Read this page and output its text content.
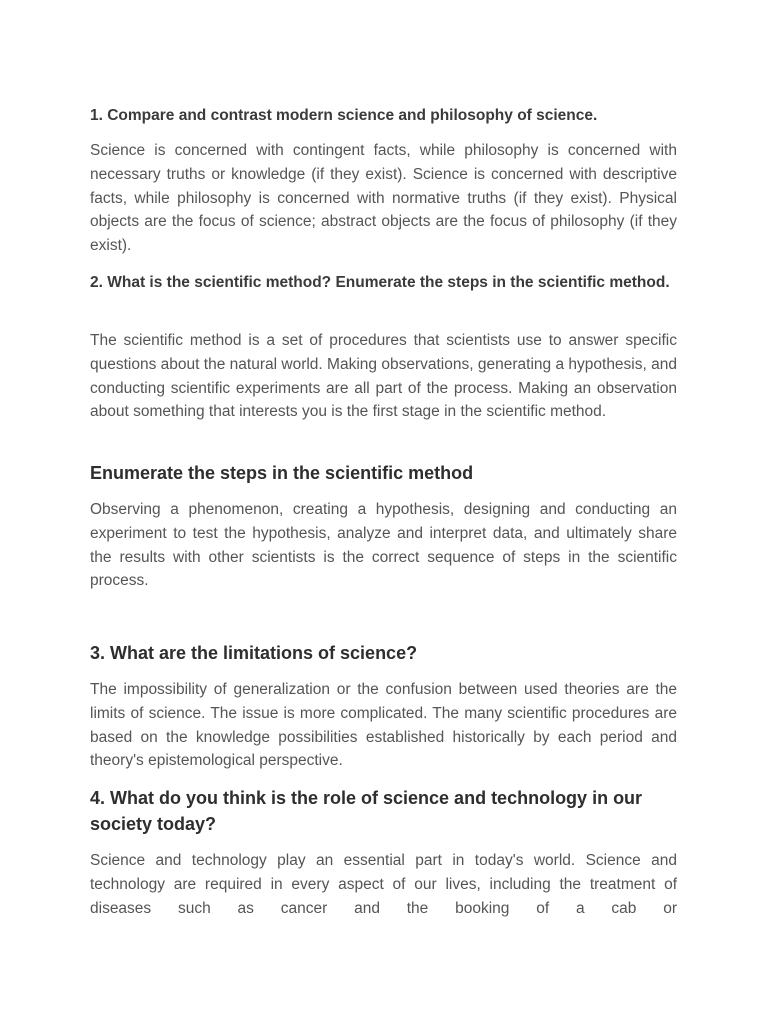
1. Compare and contrast modern science and philosophy of science.

Science is concerned with contingent facts, while philosophy is concerned with necessary truths or knowledge (if they exist). Science is concerned with descriptive facts, while philosophy is concerned with normative truths (if they exist). Physical objects are the focus of science; abstract objects are the focus of philosophy (if they exist).

2. What is the scientific method? Enumerate the steps in the scientific method.

The scientific method is a set of procedures that scientists use to answer specific questions about the natural world. Making observations, generating a hypothesis, and conducting scientific experiments are all part of the process. Making an observation about something that interests you is the first stage in the scientific method.

Enumerate the steps in the scientific method

Observing a phenomenon, creating a hypothesis, designing and conducting an experiment to test the hypothesis, analyze and interpret data, and ultimately share the results with other scientists is the correct sequence of steps in the scientific process.

3. What are the limitations of science?

The impossibility of generalization or the confusion between used theories are the limits of science. The issue is more complicated. The many scientific procedures are based on the knowledge possibilities established historically by each period and theory's epistemological perspective.

4. What do you think is the role of science and technology in our society today?

Science and technology play an essential part in today's world. Science and technology are required in every aspect of our lives, including the treatment of diseases such as cancer and the booking of a cab or
